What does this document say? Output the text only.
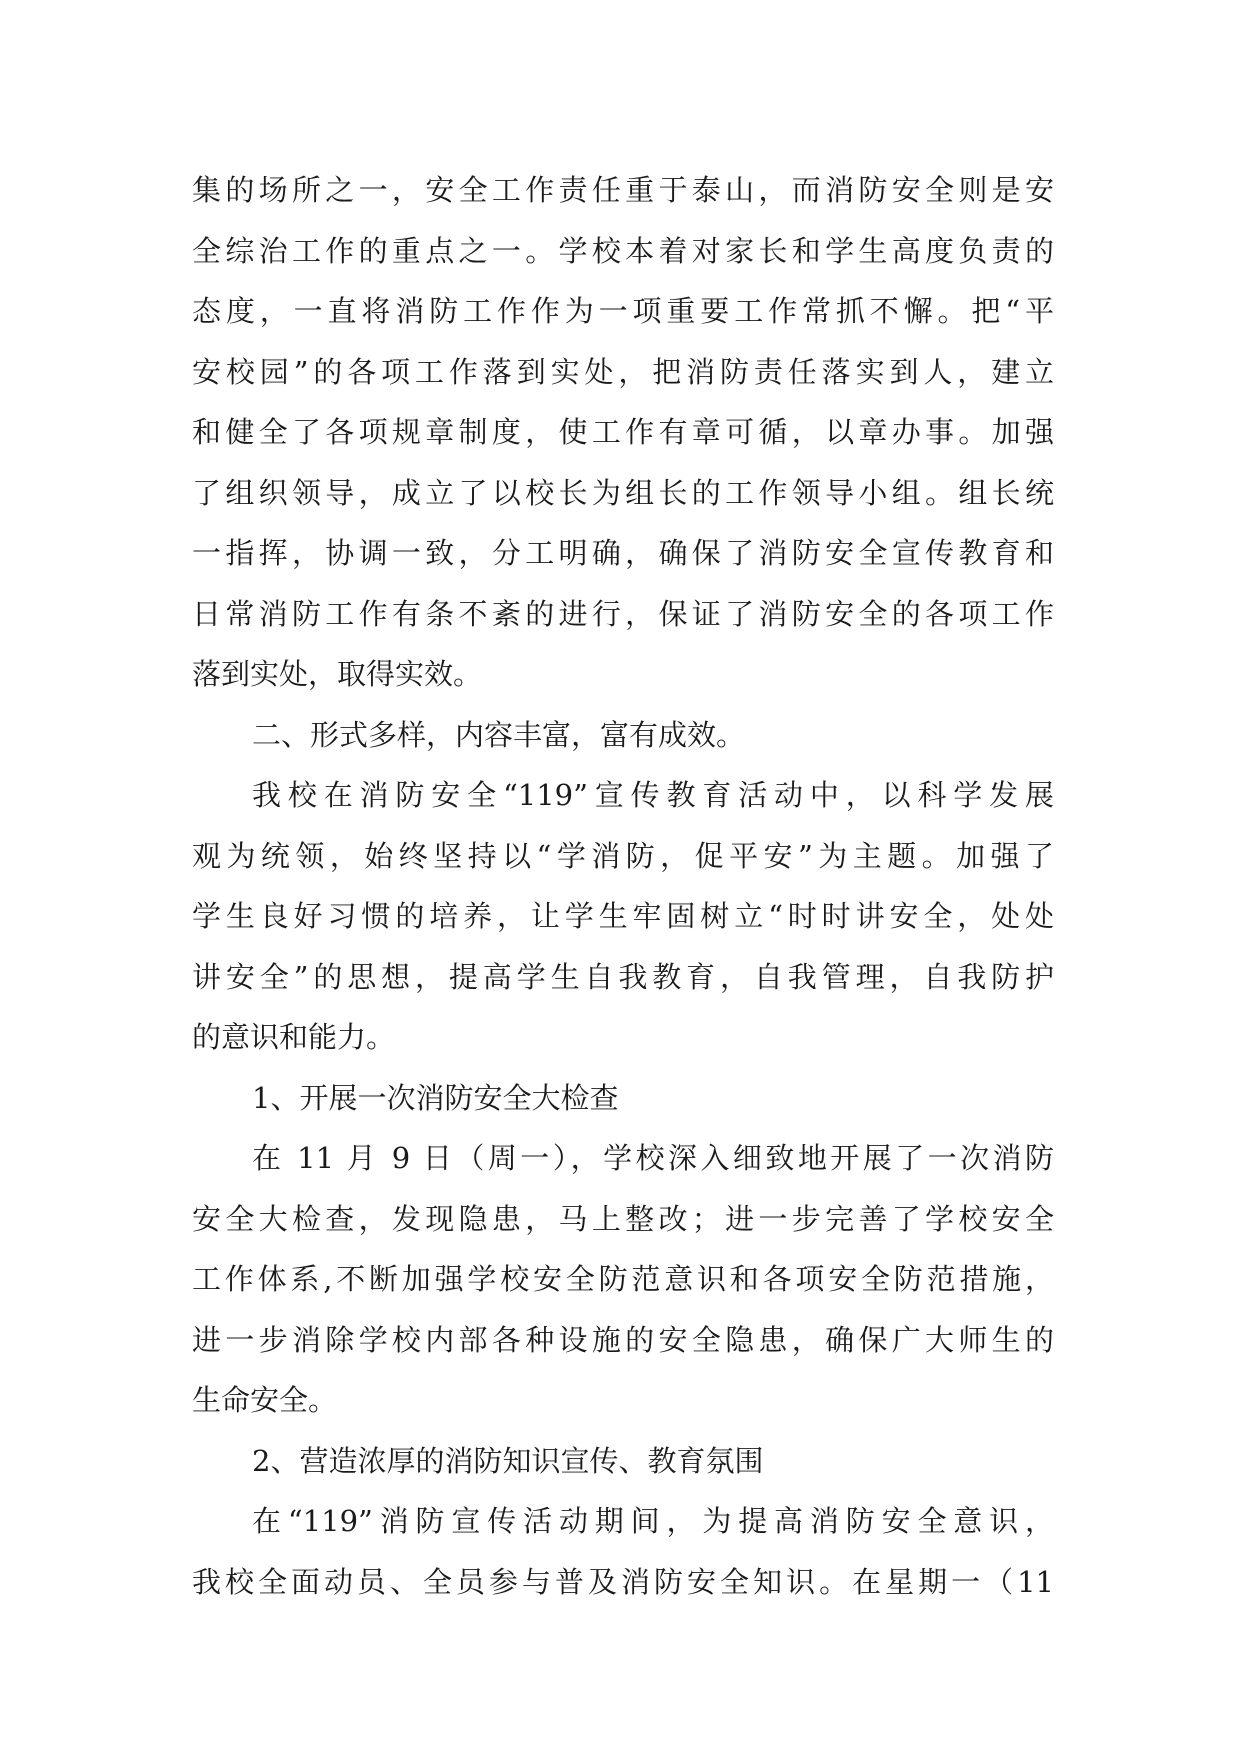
集的场所之一，安全工作责任重于泰山，而消防安全则是安
全综治工作的重点之一。学校本着对家长和学生高度负责的
态度，一直将消防工作作为一项重要工作常抓不懈。把“平
安校园”的各项工作落到实处，把消防责任落实到人，建立
和健全了各项规章制度，使工作有章可循，以章办事。加强
了组织领导，成立了以校长为组长的工作领导小组。组长统
一指挥，协调一致，分工明确，确保了消防安全宣传教育和
日常消防工作有条不紊的进行，保证了消防安全的各项工作
落到实处，取得实效。
二、形式多样，内容丰富，富有成效。
我校在消防安全“119”宣传教育活动中，以科学发展
观为统领，始终坚持以“学消防，促平安”为主题。加强了
学生良好习惯的培养，让学生牢固树立“时时讲安全，处处
讲安全”的思想，提高学生自我教育，自我管理，自我防护
的意识和能力。
1、开展一次消防安全大检查
在 11 月 9 日（周一），学校深入细致地开展了一次消防
安全大检查，发现隐患，马上整改；进一步完善了学校安全
工作体系,不断加强学校安全防范意识和各项安全防范措施，
进一步消除学校内部各种设施的安全隐患，确保广大师生的
生命安全。
2、营造浓厚的消防知识宣传、教育氛围
在“119”消防宣传活动期间，为提高消防安全意识，
我校全面动员、全员参与普及消防安全知识。在星期一（11
